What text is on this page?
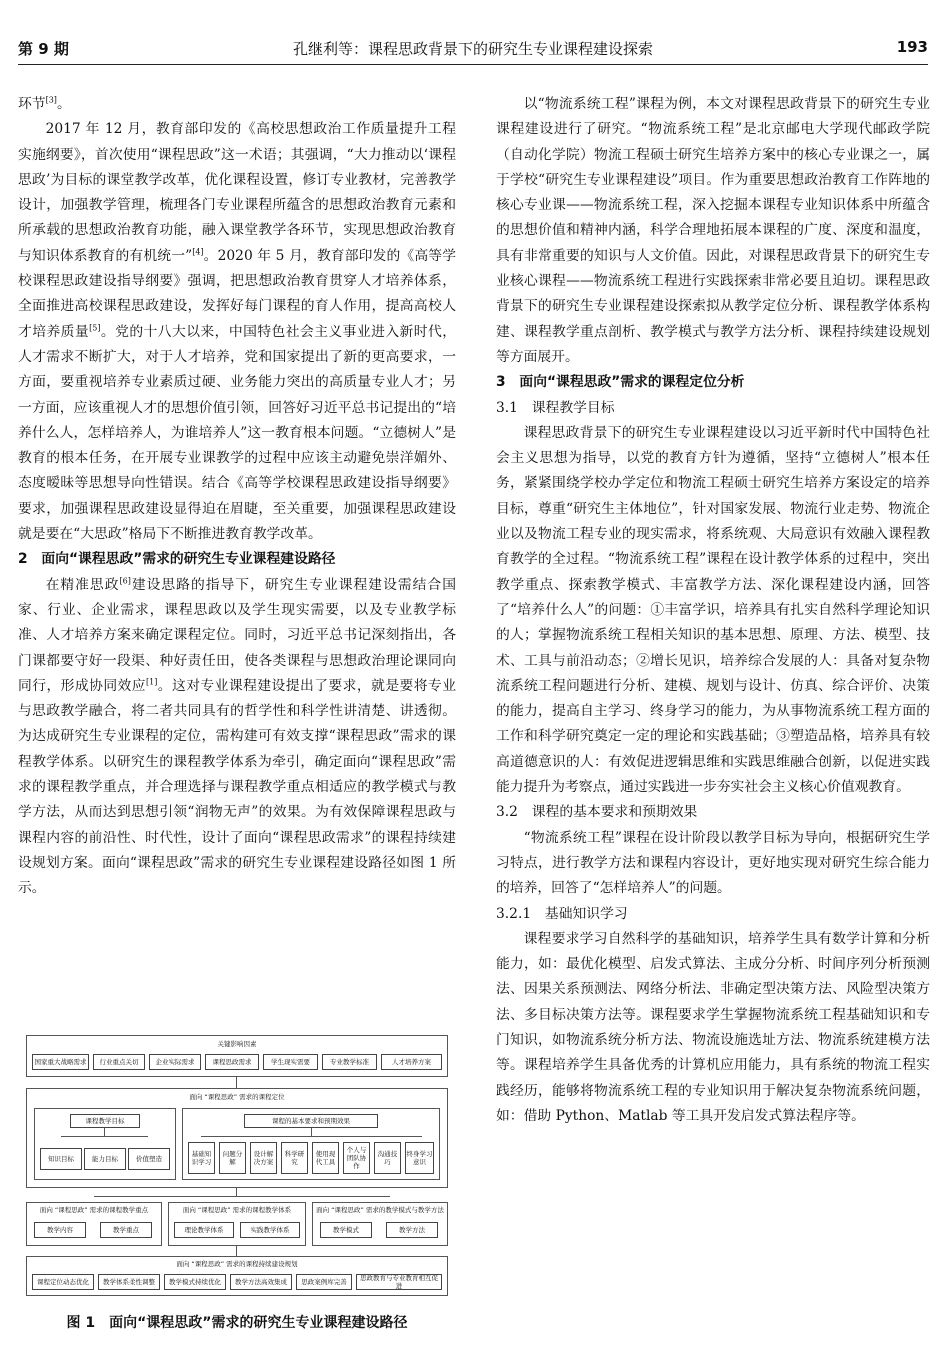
第 9 期	孔继利等：课程思政背景下的研究生专业课程建设探索	193

环节[3]。

2017 年 12 月，教育部印发的《高校思想政治工作质量提升工程实施纲要》，首次使用“课程思政”这一术语；其强调，“大力推动以‘课程思政’为目标的课堂教学改革，优化课程设置，修订专业教材，完善教学设计，加强教学管理，梳理各门专业课程所蕴含的思想政治教育元素和所承载的思想政治教育功能，融入课堂教学各环节，实现思想政治教育与知识体系教育的有机统一”[4]。2020 年 5 月，教育部印发的《高等学校课程思政建设指导纲要》强调，把思想政治教育贯穿人才培养体系，全面推进高校课程思政建设，发挥好每门课程的育人作用，提高高校人才培养质量[5]。党的十八大以来，中国特色社会主义事业进入新时代，人才需求不断扩大，对于人才培养，党和国家提出了新的更高要求，一方面，要重视培养专业素质过硬、业务能力突出的高质量专业人才；另一方面，应该重视人才的思想价值引领，回答好习近平总书记提出的“培养什么人，怎样培养人，为谁培养人”这一教育根本问题。“立德树人”是教育的根本任务，在开展专业课教学的过程中应该主动避免崇洋媚外、态度暧昧等思想导向性错误。结合《高等学校课程思政建设指导纲要》要求，加强课程思政建设显得迫在眉睫，至关重要，加强课程思政建设就是要在“大思政”格局下不断推进教育教学改革。

2　面向“课程思政”需求的研究生专业课程建设路径

在精准思政[6]建设思路的指导下，研究生专业课程建设需结合国家、行业、企业需求，课程思政以及学生现实需要，以及专业教学标准、人才培养方案来确定课程定位。同时，习近平总书记深刻指出，各门课都要守好一段渠、种好责任田，使各类课程与思想政治理论课同向同行，形成协同效应[1]。这对专业课程建设提出了要求，就是要将专业与思政教学融合，将二者共同具有的哲学性和科学性讲清楚、讲透彻。为达成研究生专业课程的定位，需构建可有效支撑“课程思政”需求的课程教学体系。以研究生的课程教学体系为牵引，确定面向“课程思政”需求的课程教学重点，并合理选择与课程教学重点相适应的教学模式与教学方法，从而达到思想引领“润物无声”的效果。为有效保障课程思政与课程内容的前沿性、时代性，设计了面向“课程思政需求”的课程持续建设规划方案。面向“课程思政”需求的研究生专业课程建设路径如图 1 所示。

关键影响因素
国家重大战略需求	行业重点关切	企业实际需求	课程思政需求	学生现实需要	专业教学标准	人才培养方案
面向 “课程思政” 需求的课程定位
课程教学目标
知识目标	能力目标	价值塑造
课程的基本要求和预期效果
基础知识学习
问题分解
设计解决方案
科学研究
使用现代工具
个人与团队协作
沟通技巧
终身学习意识
面向 “课程思政” 需求的课程教学重点
教学内容	教学重点
面向 “课程思政” 需求的课程教学体系
理论教学体系	实践教学体系
面向 “课程思政” 需求的教学模式与教学方法
教学模式	教学方法
面向 “课程思政” 需求的课程持续建设规划
课程定位动态优化	教学体系柔性调整	教学模式持续优化	教学方法高效集成	思政案例库完善	思政教育与专业教育相互促进
图 1　面向“课程思政”需求的研究生专业课程建设路径

以“物流系统工程”课程为例，本文对课程思政背景下的研究生专业课程建设进行了研究。“物流系统工程”是北京邮电大学现代邮政学院（自动化学院）物流工程硕士研究生培养方案中的核心专业课之一，属于学校“研究生专业课程建设”项目。作为重要思想政治教育工作阵地的核心专业课——物流系统工程，深入挖掘本课程专业知识体系中所蕴含的思想价值和精神内涵，科学合理地拓展本课程的广度、深度和温度，具有非常重要的知识与人文价值。因此，对课程思政背景下的研究生专业核心课程——物流系统工程进行实践探索非常必要且迫切。课程思政背景下的研究生专业课程建设探索拟从教学定位分析、课程教学体系构建、课程教学重点剖析、教学模式与教学方法分析、课程持续建设规划等方面展开。

3　面向“课程思政”需求的课程定位分析
3.1　课程教学目标

课程思政背景下的研究生专业课程建设以习近平新时代中国特色社会主义思想为指导，以党的教育方针为遵循，坚持“立德树人”根本任务，紧紧围绕学校办学定位和物流工程硕士研究生培养方案设定的培养目标，尊重“研究生主体地位”，针对国家发展、物流行业走势、物流企业以及物流工程专业的现实需求，将系统观、大局意识有效融入课程教育教学的全过程。“物流系统工程”课程在设计教学体系的过程中，突出教学重点、探索教学模式、丰富教学方法、深化课程建设内涵，回答了“培养什么人”的问题：①丰富学识，培养具有扎实自然科学理论知识的人；掌握物流系统工程相关知识的基本思想、原理、方法、模型、技术、工具与前沿动态；②增长见识，培养综合发展的人：具备对复杂物流系统工程问题进行分析、建模、规划与设计、仿真、综合评价、决策的能力，提高自主学习、终身学习的能力，为从事物流系统工程方面的工作和科学研究奠定一定的理论和实践基础；③塑造品格，培养具有较高道德意识的人：有效促进逻辑思维和实践思维融合创新，以促进实践能力提升为考察点，通过实践进一步夯实社会主义核心价值观教育。

3.2　课程的基本要求和预期效果

“物流系统工程”课程在设计阶段以教学目标为导向，根据研究生学习特点，进行教学方法和课程内容设计，更好地实现对研究生综合能力的培养，回答了“怎样培养人”的问题。

3.2.1　基础知识学习

课程要求学习自然科学的基础知识，培养学生具有数学计算和分析能力，如：最优化模型、启发式算法、主成分分析、时间序列分析预测法、因果关系预测法、网络分析法、非确定型决策方法、风险型决策方法、多目标决策方法等。课程要求学生掌握物流系统工程基础知识和专门知识，如物流系统分析方法、物流设施选址方法、物流系统建模方法等。课程培养学生具备优秀的计算机应用能力，具有系统的物流工程实践经历，能够将物流系统工程的专业知识用于解决复杂物流系统问题，如：借助 Python、Matlab 等工具开发启发式算法程序等。
